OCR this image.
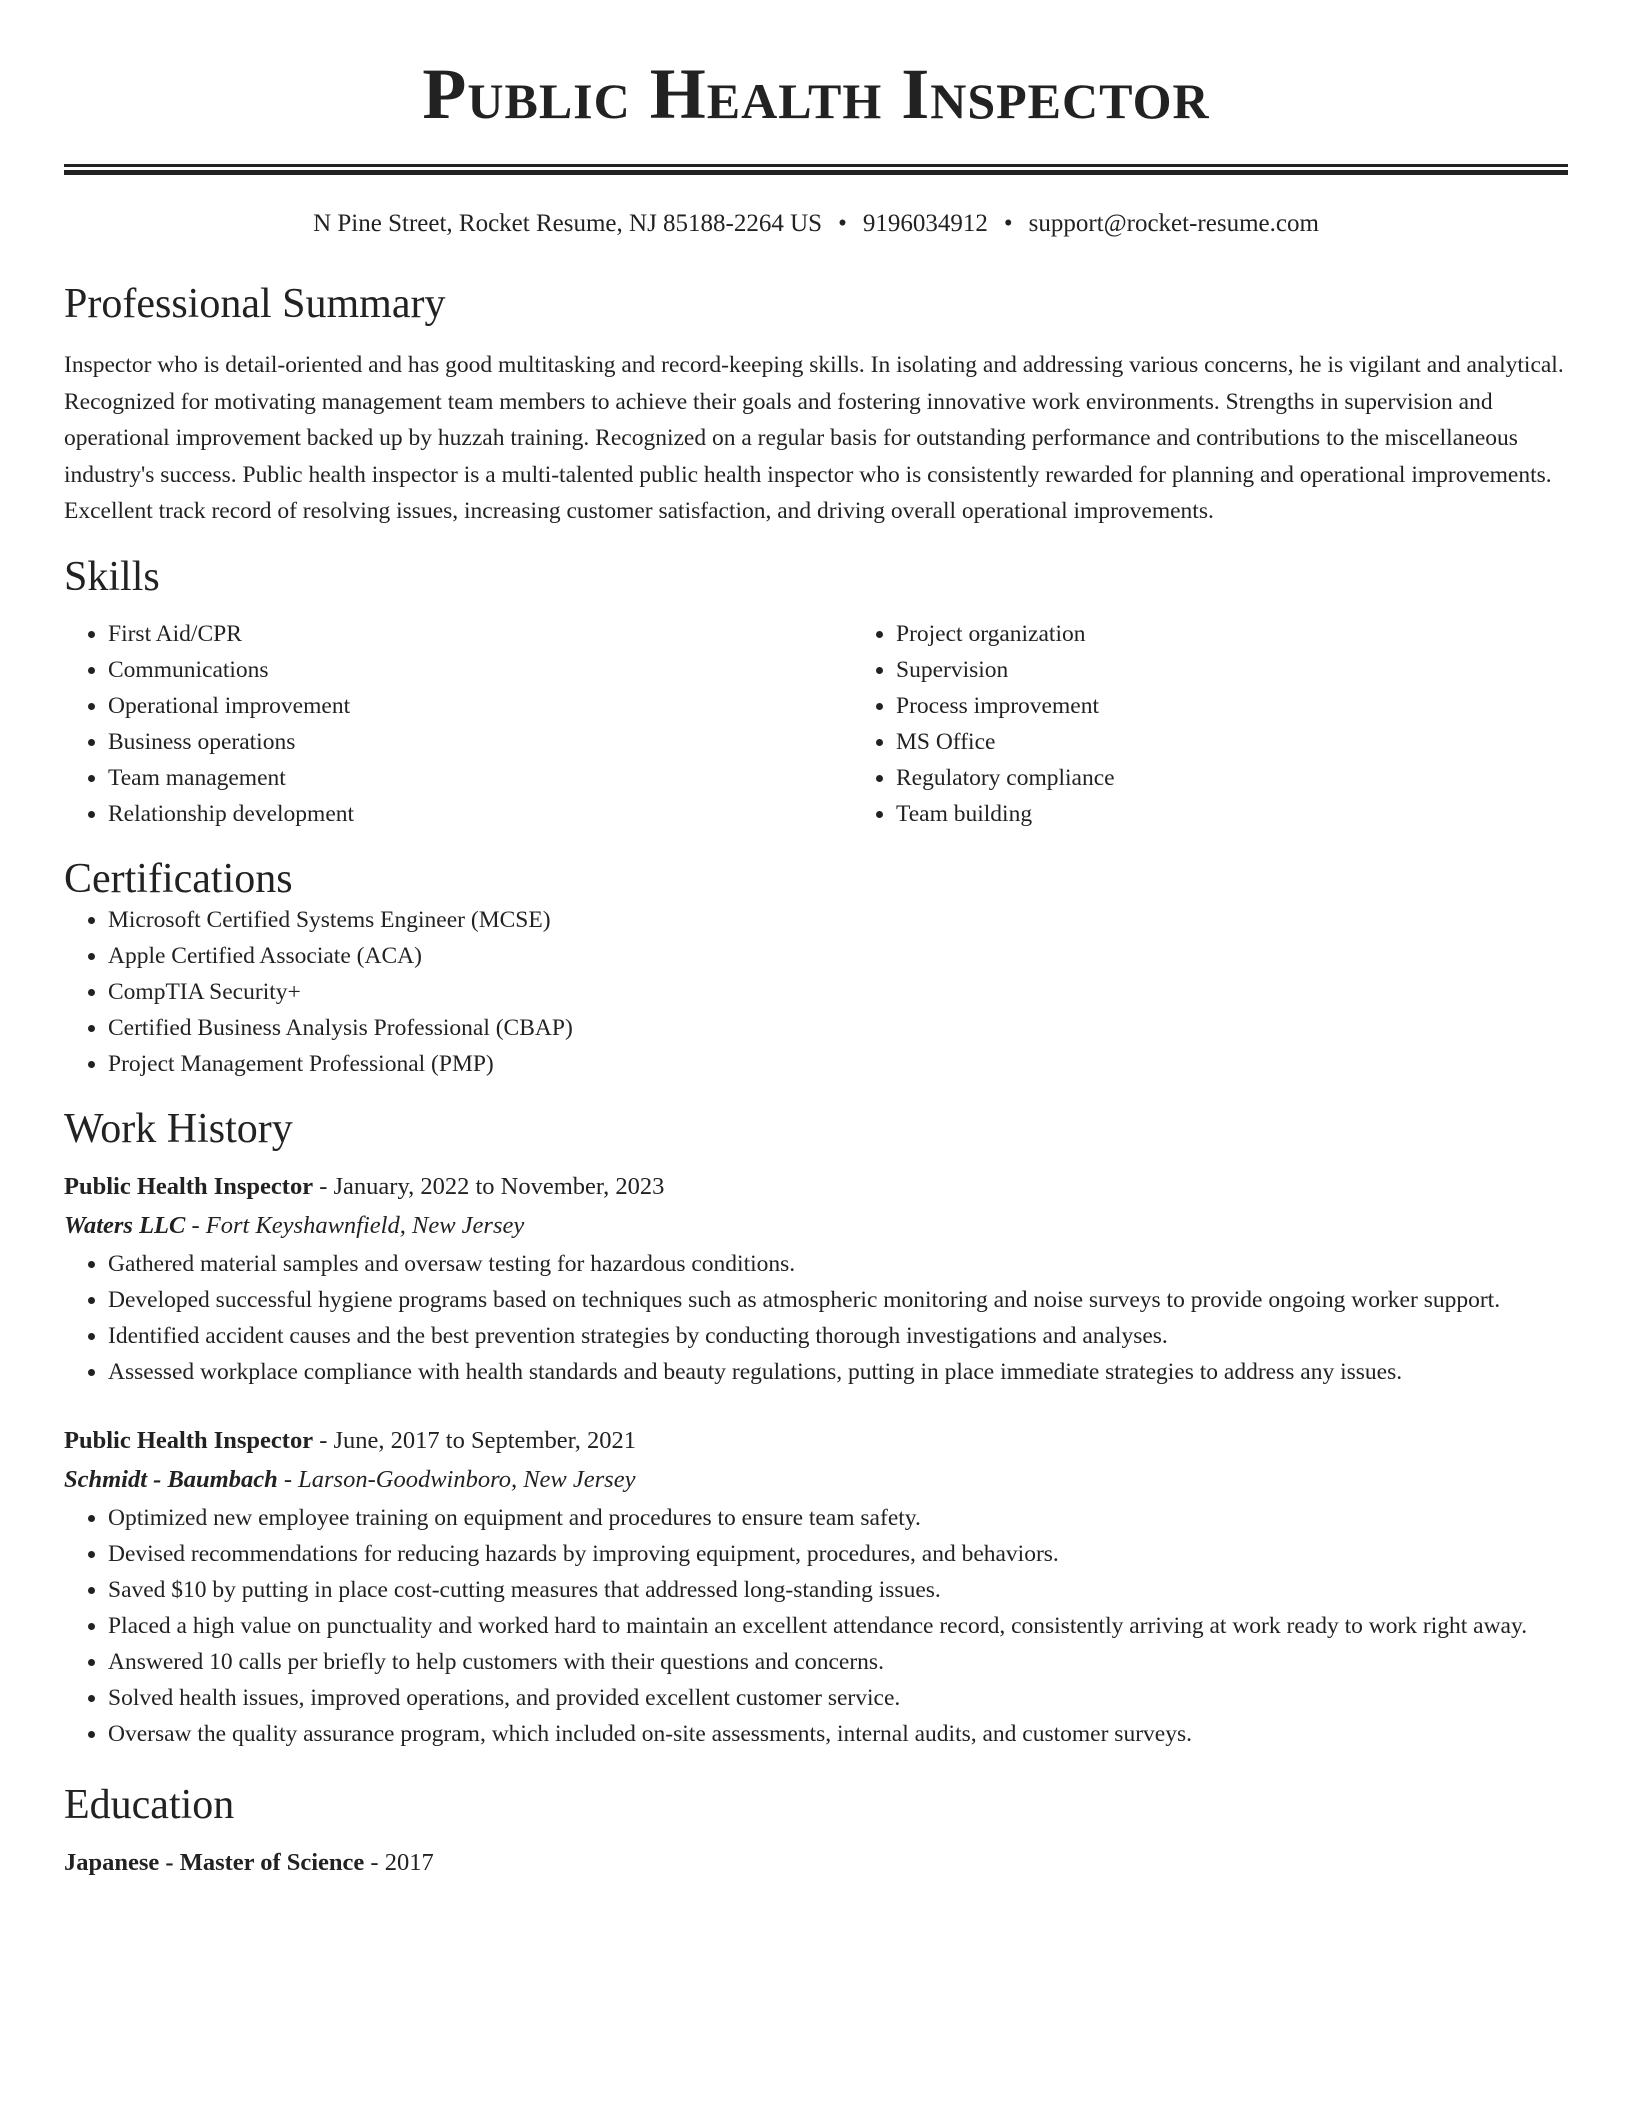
Public Health Inspector
N Pine Street, Rocket Resume, NJ 85188-2264 US • 9196034912 • support@rocket-resume.com
Professional Summary

Inspector who is detail-oriented and has good multitasking and record-keeping skills. In isolating and addressing various concerns, he is vigilant and analytical. Recognized for motivating management team members to achieve their goals and fostering innovative work environments. Strengths in supervision and operational improvement backed up by huzzah training. Recognized on a regular basis for outstanding performance and contributions to the miscellaneous industry's success. Public health inspector is a multi-talented public health inspector who is consistently rewarded for planning and operational improvements. Excellent track record of resolving issues, increasing customer satisfaction, and driving overall operational improvements.

Skills
• First Aid/CPR
• Communications
• Operational improvement
• Business operations
• Team management
• Relationship development
• Project organization
• Supervision
• Process improvement
• MS Office
• Regulatory compliance
• Team building
Certifications
• Microsoft Certified Systems Engineer (MCSE)
• Apple Certified Associate (ACA)
• CompTIA Security+
• Certified Business Analysis Professional (CBAP)
• Project Management Professional (PMP)
Work History
Public Health Inspector - January, 2022 to November, 2023
Waters LLC - Fort Keyshawnfield, New Jersey
• Gathered material samples and oversaw testing for hazardous conditions.
• Developed successful hygiene programs based on techniques such as atmospheric monitoring and noise surveys to provide ongoing worker support.
• Identified accident causes and the best prevention strategies by conducting thorough investigations and analyses.
• Assessed workplace compliance with health standards and beauty regulations, putting in place immediate strategies to address any issues.
Public Health Inspector - June, 2017 to September, 2021
Schmidt - Baumbach - Larson-Goodwinboro, New Jersey
• Optimized new employee training on equipment and procedures to ensure team safety.
• Devised recommendations for reducing hazards by improving equipment, procedures, and behaviors.
• Saved $10 by putting in place cost-cutting measures that addressed long-standing issues.
• Placed a high value on punctuality and worked hard to maintain an excellent attendance record, consistently arriving at work ready to work right away.
• Answered 10 calls per briefly to help customers with their questions and concerns.
• Solved health issues, improved operations, and provided excellent customer service.
• Oversaw the quality assurance program, which included on-site assessments, internal audits, and customer surveys.
Education
Japanese - Master of Science - 2017
